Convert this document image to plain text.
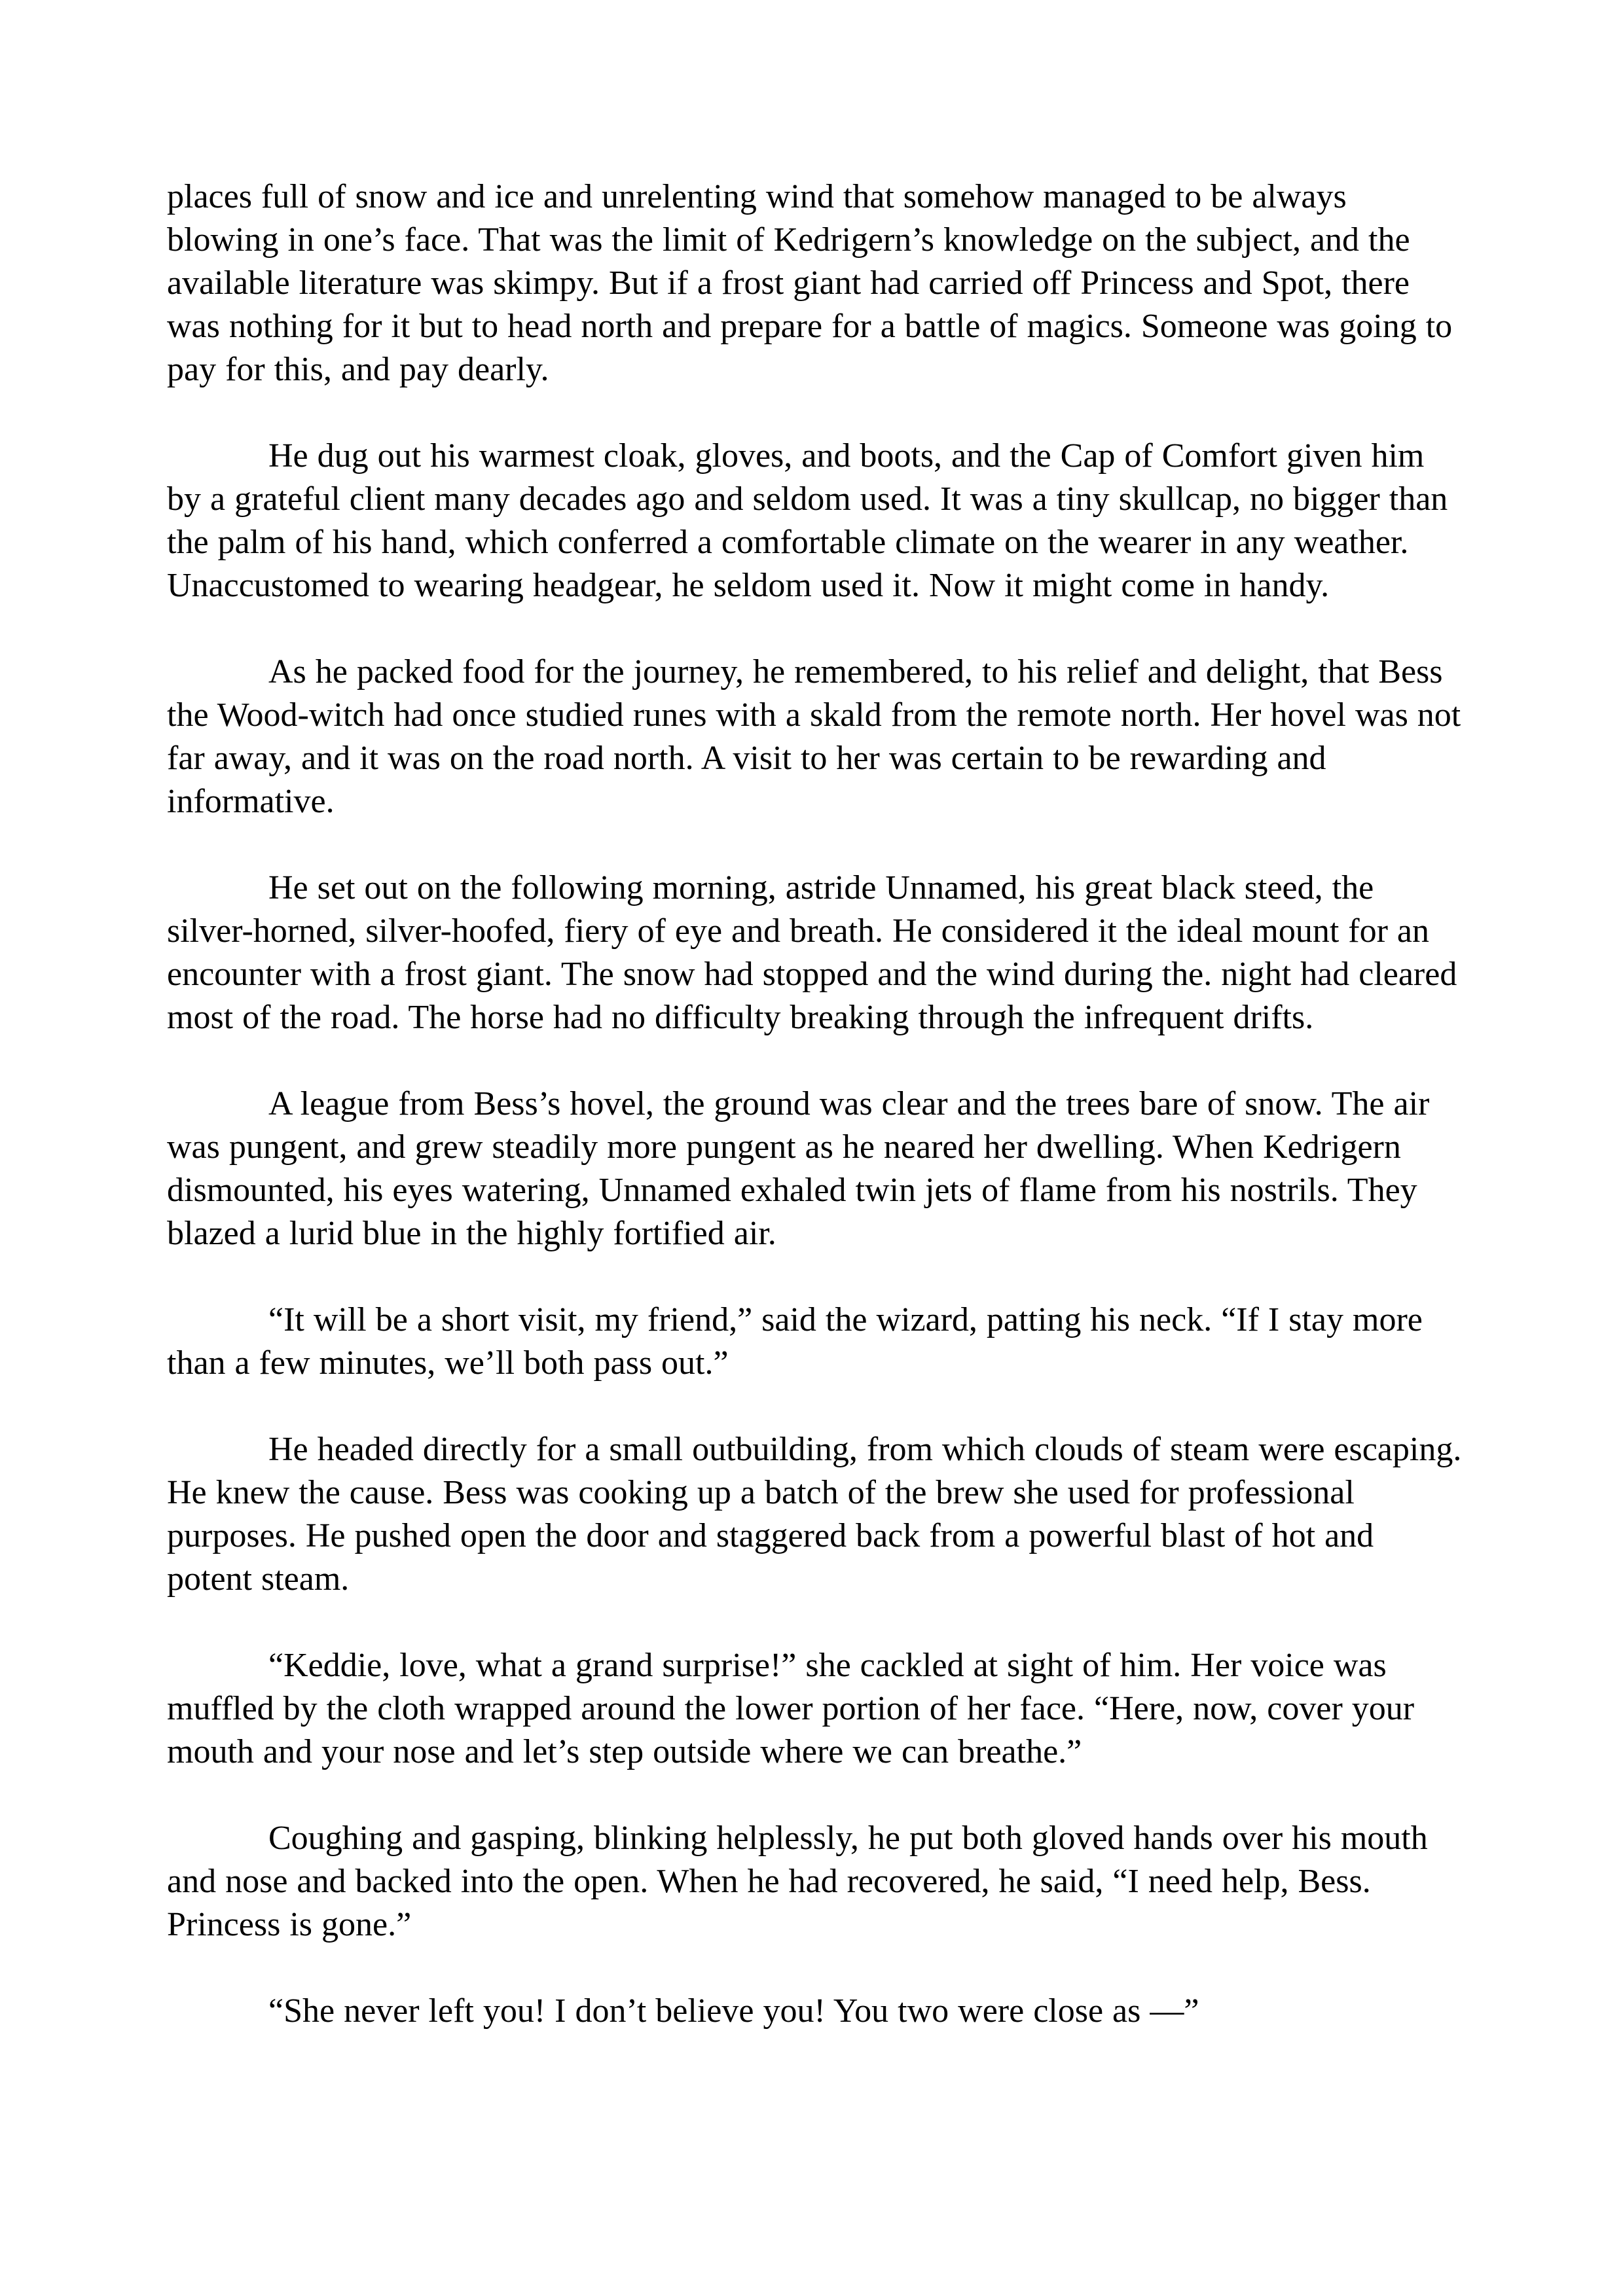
places full of snow and ice and unrelenting wind that somehow managed to be always blowing in one’s face. That was the limit of Kedrigern’s knowledge on the subject, and the available literature was skimpy. But if a frost giant had carried off Princess and Spot, there was nothing for it but to head north and prepare for a battle of magics. Someone was going to pay for this, and pay dearly.

He dug out his warmest cloak, gloves, and boots, and the Cap of Comfort given him by a grateful client many decades ago and seldom used. It was a tiny skullcap, no bigger than the palm of his hand, which conferred a comfortable climate on the wearer in any weather. Unaccustomed to wearing headgear, he seldom used it. Now it might come in handy.

As he packed food for the journey, he remembered, to his relief and delight, that Bess the Wood-witch had once studied runes with a skald from the remote north. Her hovel was not far away, and it was on the road north. A visit to her was certain to be rewarding and informative.

He set out on the following morning, astride Unnamed, his great black steed, the silver-horned, silver-hoofed, fiery of eye and breath. He considered it the ideal mount for an encounter with a frost giant. The snow had stopped and the wind during the. night had cleared most of the road. The horse had no difficulty breaking through the infrequent drifts.

A league from Bess’s hovel, the ground was clear and the trees bare of snow. The air was pungent, and grew steadily more pungent as he neared her dwelling. When Kedrigern dismounted, his eyes watering, Unnamed exhaled twin jets of flame from his nostrils. They blazed a lurid blue in the highly fortified air.

“It will be a short visit, my friend,” said the wizard, patting his neck. “If I stay more than a few minutes, we’ll both pass out.”

He headed directly for a small outbuilding, from which clouds of steam were escaping. He knew the cause. Bess was cooking up a batch of the brew she used for professional purposes. He pushed open the door and staggered back from a powerful blast of hot and potent steam.

“Keddie, love, what a grand surprise!” she cackled at sight of him. Her voice was muffled by the cloth wrapped around the lower portion of her face. “Here, now, cover your mouth and your nose and let’s step outside where we can breathe.”

Coughing and gasping, blinking helplessly, he put both gloved hands over his mouth and nose and backed into the open. When he had recovered, he said, “I need help, Bess. Princess is gone.”

“She never left you! I don’t believe you! You two were close as —”
